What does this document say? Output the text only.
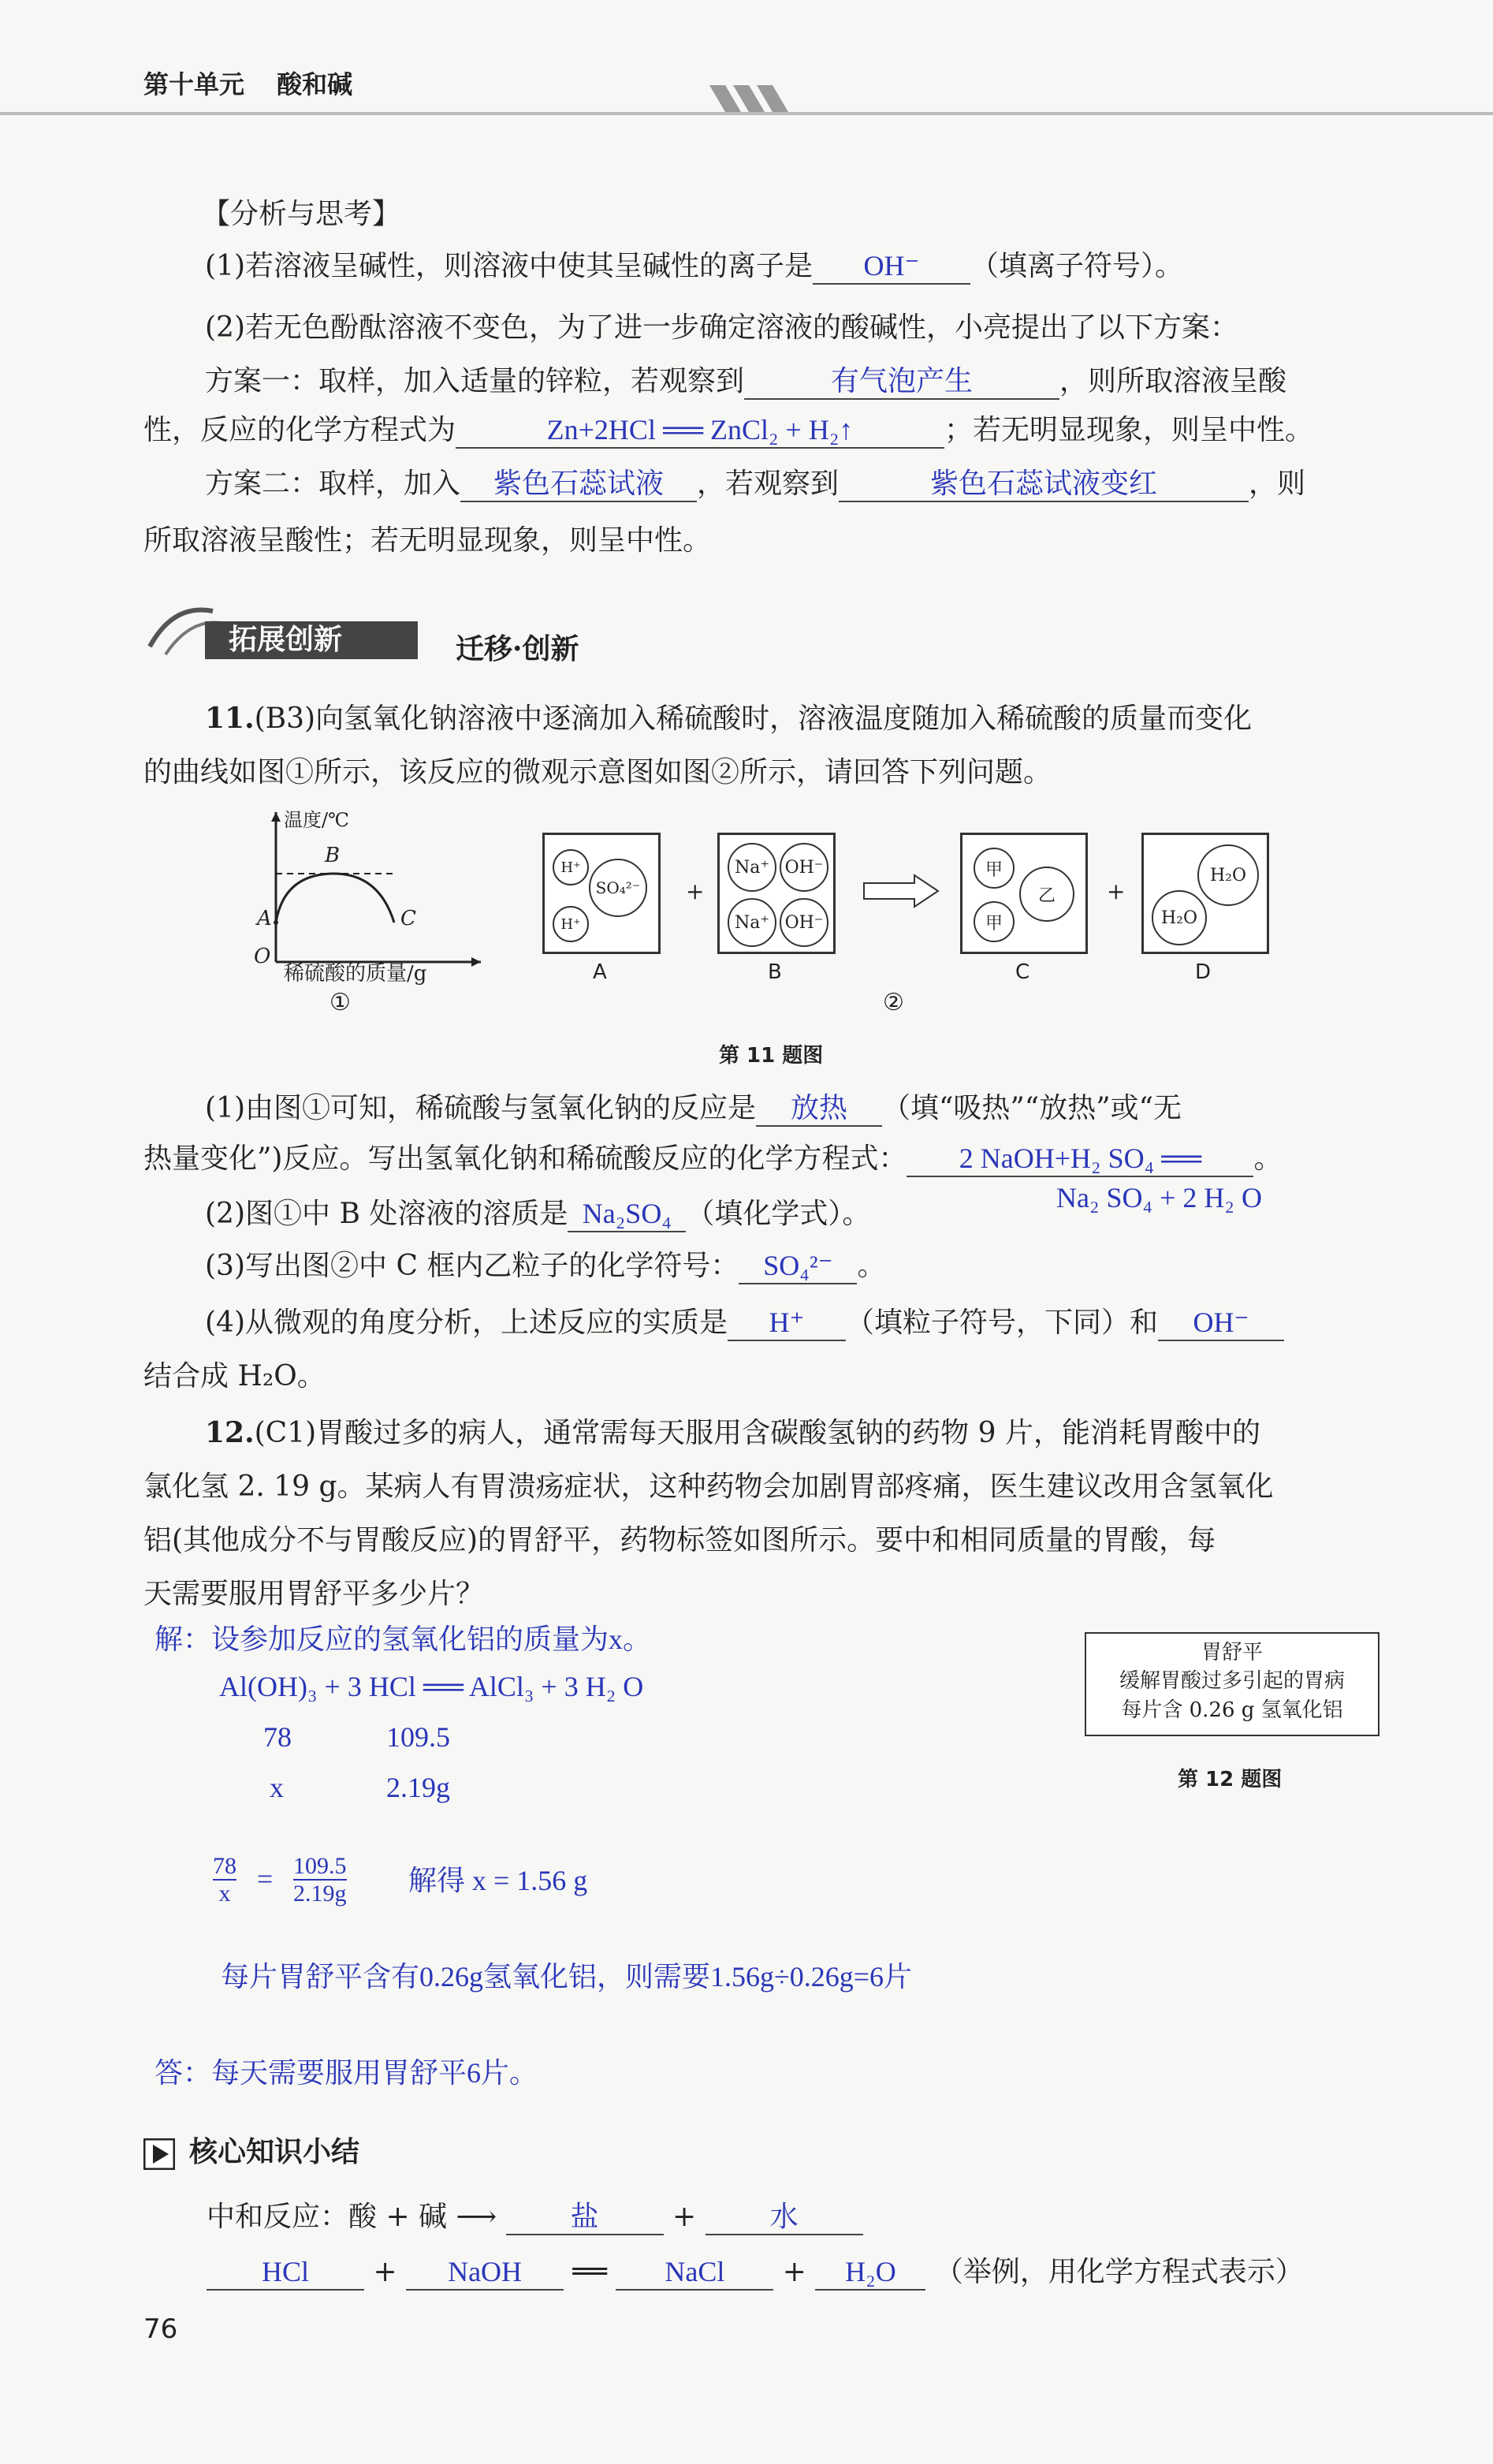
第十单元 酸和碱
【分析与思考】
(1)若溶液呈碱性，则溶液中使其呈碱性的离子是 OH⁻ （填离子符号）。
(2)若无色酚酞溶液不变色，为了进一步确定溶液的酸碱性，小亮提出了以下方案：
方案一：取样，加入适量的锌粒，若观察到	有气泡产生	，则所取溶液呈酸
性，反应的化学方程式为	Zn+2HCl ══ ZnCl₂ + H₂↑	；若无明显现象，则呈中性。
方案二：取样，加入 紫色石蕊试液 ，若观察到	紫色石蕊试液变红	，则
所取溶液呈酸性；若无明显现象，则呈中性。
拓展创新	迁移·创新
11.(B3)向氢氧化钠溶液中逐滴加入稀硫酸时，溶液温度随加入稀硫酸的质量而变化
的曲线如图①所示，该反应的微观示意图如图②所示，请回答下列问题。
温度/℃
B
A	C
O
稀硫酸的质量/g
①
H⁺
SO₄²⁻
H⁺
+
Na⁺ OH⁻
Na⁺ OH⁻
甲
乙
甲
+
H₂O
H₂O
A	B	C	D
②
第 11 题图
(1)由图①可知，稀硫酸与氢氧化钠的反应是 放热 （填“吸热”“放热”或“无
热量变化”)反应。写出氢氧化钠和稀硫酸反应的化学方程式： 2 NaOH+H₂ SO₄ ══ 。
Na₂ SO₄ + 2 H₂ O
(2)图①中 B 处溶液的溶质是 Na₂SO₄ （填化学式）。
(3)写出图②中 C 框内乙粒子的化学符号： SO₄²⁻ 。
(4)从微观的角度分析，上述反应的实质是 H⁺ （填粒子符号，下同）和 OH⁻
结合成 H₂O。
12.(C1)胃酸过多的病人，通常需每天服用含碳酸氢钠的药物 9 片，能消耗胃酸中的
氯化氢 2. 19 g。某病人有胃溃疡症状，这种药物会加剧胃部疼痛，医生建议改用含氢氧化
铝(其他成分不与胃酸反应)的胃舒平，药物标签如图所示。要中和相同质量的胃酸，每
天需要服用胃舒平多少片？
胃舒平
缓解胃酸过多引起的胃病
每片含 0.26 g 氢氧化铝
第 12 题图
解：设参加反应的氢氧化铝的质量为x。
Al(OH)₃ + 3 HCl ══ AlCl₃ + 3 H₂ O
78	109.5
x	2.19g
78
x = 109.5
2.19g 解得 x = 1.56 g
每片胃舒平含有0.26g氢氧化铝，则需要1.56g÷0.26g=6片
答：每天需要服用胃舒平6片。
核心知识小结
中和反应：酸 + 碱 ⟶	盐	+	水
HCl + NaOH ══ NaCl + H₂O （举例，用化学方程式表示）
76
